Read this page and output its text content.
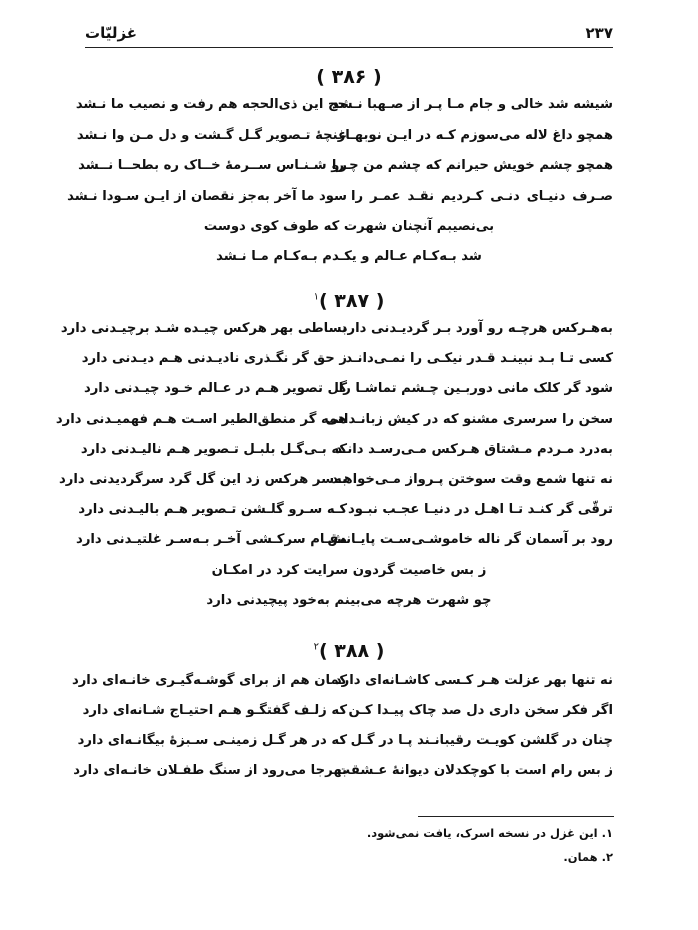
۲۳۷
غزلیّات
( ۳۸۶ )
شیشه شد خالی و جام مـا پـر از صـهبا نـشد
حج این ذی‌الحجه هم رفت و نصیب ما نـشد
همچو داغ لاله می‌سوزم کـه در ایـن نوبهـار
غنچهٔ تـصویر گـل گـشت و دل مـن وا نـشد
همچو چشم خویش حیرانم که چشم من چـرا
رو شـنـاس ســرمهٔ خــاک ره بطحــا نــشد
صـرف دنیـای دنـی کـردیم نقـد عمـر را
سود ما آخر به‌جز نقصان از ایـن سـودا نـشد
بی‌نصیبم آنچنان شهرت که طوف کوی دوست
شد بـه‌کـام عـالم و یکـدم بـه‌کـام مـا نـشد
( ۳۸۷ )$^۱$
به‌هـرکس هرچـه رو آورد بـر گردیـدنی دارد
بساطی بهر هرکس چیـده شـد برچیـدنی دارد
کسی تـا بـد نبینـد قـدر نیکـی را نمـی‌دانـد
ز حق گر نگـذری نادیـدنی هـم دیـدنی دارد
شود گر کلک مانی دوربـین چـشم تماشـا را
گل تصویر هـم در عـالم خـود چیـدنی دارد
سخن را سرسری مشنو که در کیش زبانـدانی
همه گر منطق‌الطیر اسـت هـم فهمیـدنی دارد
به‌درد مـردم مـشتاق هـرکس مـی‌رسـد دانـد
که بـی‌گـل بلبـل تـصویر هـم نالیـدنی دارد
نه تنها شمع وقت سوختن پـرواز مـی‌خواهـد
به‌سر هرکس زد این گل گرد سرگردیدنی دارد
ترقّی گر کنـد تـا اهـل در دنیـا عجـب نبـود
کـه سـرو گلـشن تـصویر هـم بالیـدنی دارد
رود بر آسمان گر ناله خاموشـی‌سـت پایـانش
مقـام سرکـشی آخـر بـه‌سـر غلتیـدنی دارد
ز بس خاصیت گردون سرایت کرد در امکـان
چو شهرت هرچه می‌بینم به‌خود پیچیدنی دارد
( ۳۸۸ )$^۲$
نه تنها بهر عزلت هـر کـسی کاشـانه‌ای دارد
کمان هم از برای گوشـه‌گیـری خانـه‌ای دارد
اگر فکر سخن داری دل صد چاک پیـدا کـن
که زلـف گفتگـو هـم احتیـاج شـانه‌ای دارد
چنان در گلشن کویـت رقیبانـند پـا در گـل
که در هر گـل زمینـی سـبزهٔ بیگانـه‌ای دارد
ز بس رام است با کوچکدلان دیوانهٔ عـشقت
بهرجا می‌رود از سنگ طفـلان خانـه‌ای دارد
۱. این غزل در نسخه اسرک، یافت نمی‌شود.
۲. همان.
